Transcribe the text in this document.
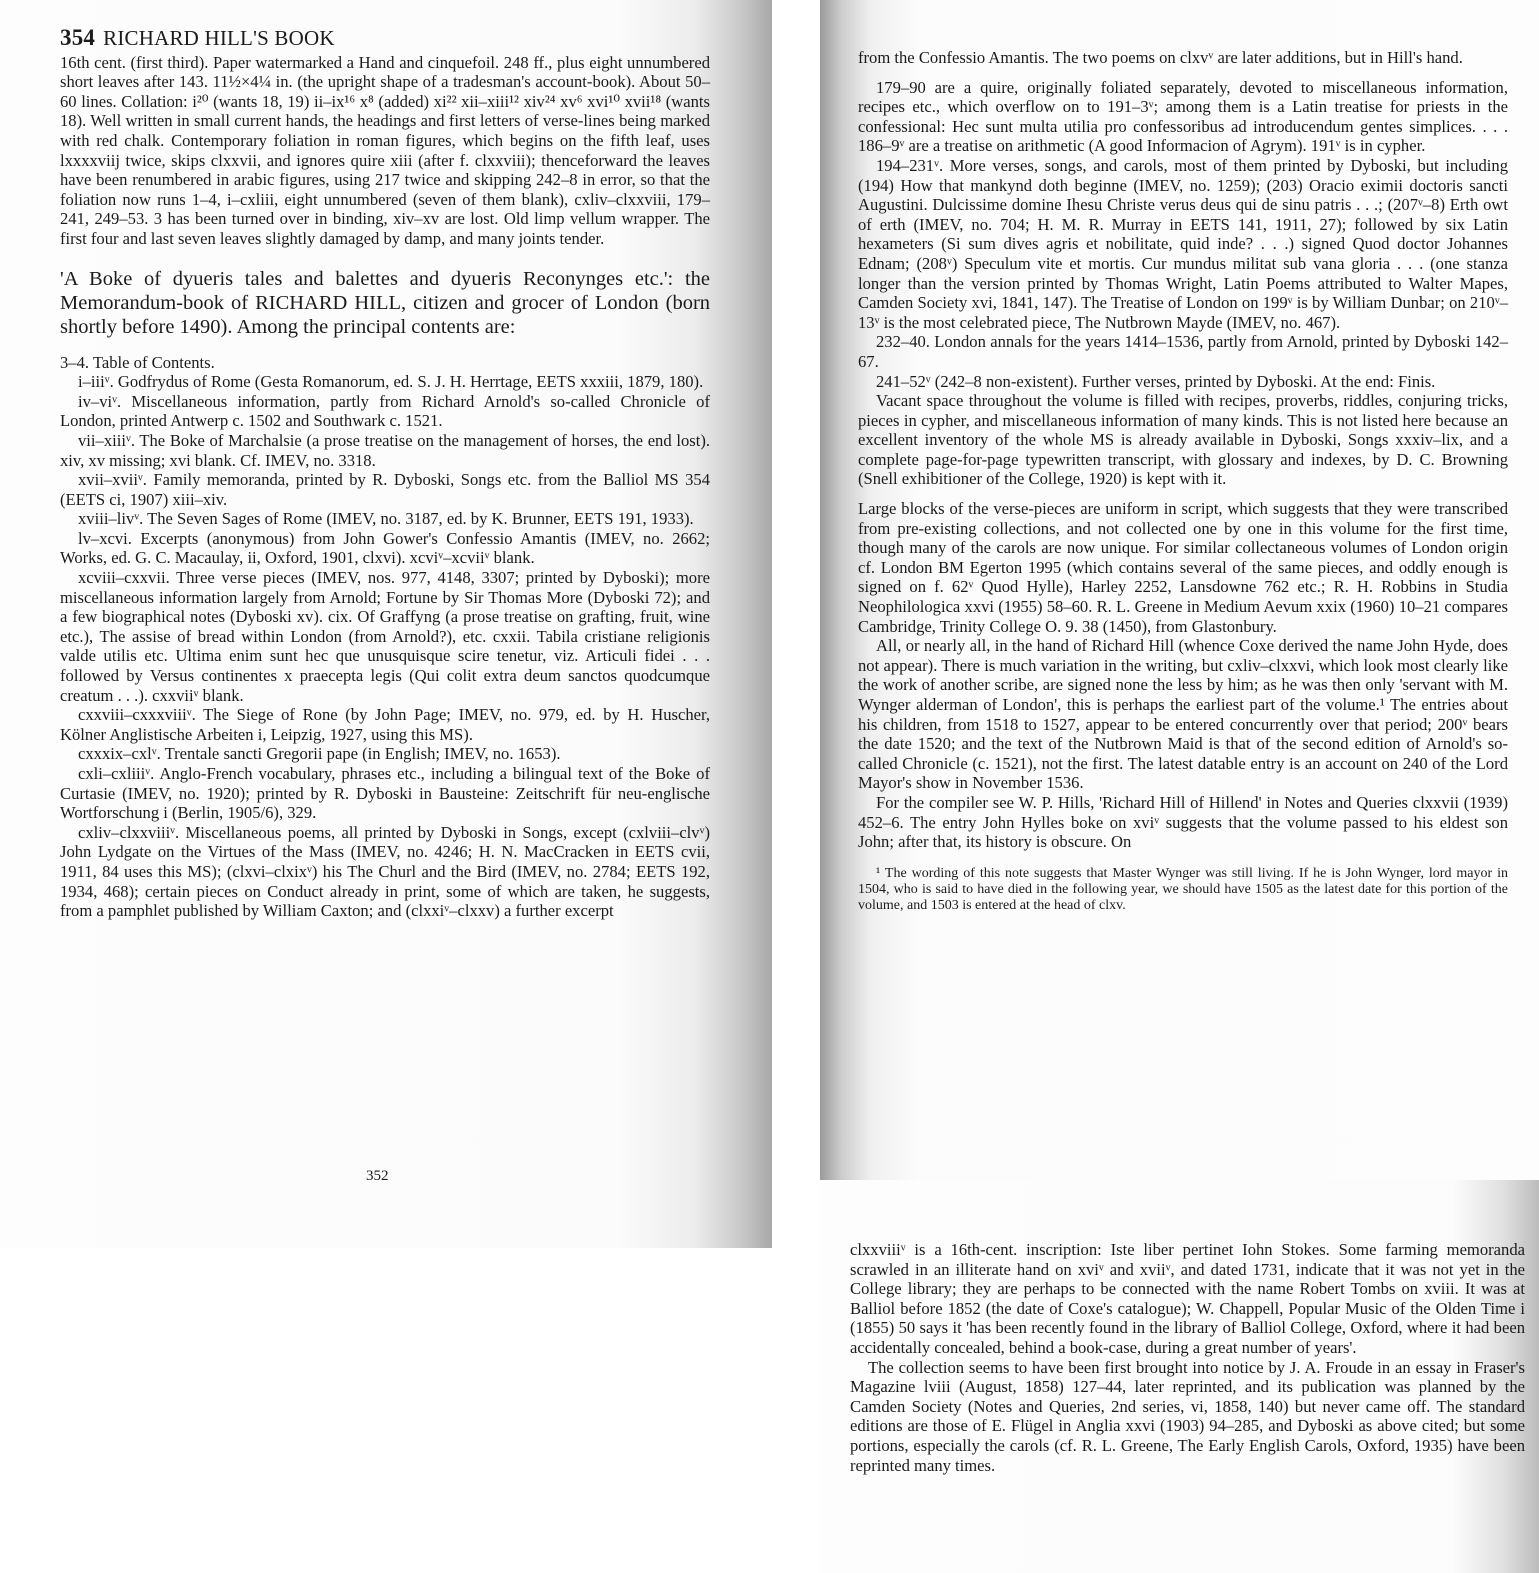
354 RICHARD HILL'S BOOK

16th cent. (first third). Paper watermarked a Hand and cinquefoil. 248 ff., plus eight unnumbered short leaves after 143. 11½×4¼ in. (the upright shape of a tradesman's account-book). About 50–60 lines. Collation: i²⁰ (wants 18, 19) ii–ix¹⁶ x⁸ (added) xi²² xii–xiii¹² xiv²⁴ xv⁶ xvi¹⁰ xvii¹⁸ (wants 18). Well written in small current hands, the headings and first letters of verse-lines being marked with red chalk. Contemporary foliation in roman figures, which begins on the fifth leaf, uses lxxxxviij twice, skips clxxvii, and ignores quire xiii (after f. clxxviii); thenceforward the leaves have been renumbered in arabic figures, using 217 twice and skipping 242–8 in error, so that the foliation now runs 1–4, i–cxliii, eight unnumbered (seven of them blank), cxliv–clxxviii, 179–241, 249–53. 3 has been turned over in binding, xiv–xv are lost. Old limp vellum wrapper. The first four and last seven leaves slightly damaged by damp, and many joints tender.

'A Boke of dyueris tales and balettes and dyueris Reconynges etc.': the Memorandum-book of RICHARD HILL, citizen and grocer of London (born shortly before 1490). Among the principal contents are:

3–4. Table of Contents.

i–iiiᵛ. Godfrydus of Rome (Gesta Romanorum, ed. S. J. H. Herrtage, EETS xxxiii, 1879, 180).

iv–viᵛ. Miscellaneous information, partly from Richard Arnold's so-called Chronicle of London, printed Antwerp c. 1502 and Southwark c. 1521.

vii–xiiiᵛ. The Boke of Marchalsie (a prose treatise on the management of horses, the end lost). xiv, xv missing; xvi blank. Cf. IMEV, no. 3318.

xvii–xviiᵛ. Family memoranda, printed by R. Dyboski, Songs etc. from the Balliol MS 354 (EETS ci, 1907) xiii–xiv.

xviii–livᵛ. The Seven Sages of Rome (IMEV, no. 3187, ed. by K. Brunner, EETS 191, 1933).

lv–xcvi. Excerpts (anonymous) from John Gower's Confessio Amantis (IMEV, no. 2662; Works, ed. G. C. Macaulay, ii, Oxford, 1901, clxvi). xcviᵛ–xcviiᵛ blank.

xcviii–cxxvii. Three verse pieces (IMEV, nos. 977, 4148, 3307; printed by Dyboski); more miscellaneous information largely from Arnold; Fortune by Sir Thomas More (Dyboski 72); and a few biographical notes (Dyboski xv). cix. Of Graffyng (a prose treatise on grafting, fruit, wine etc.), The assise of bread within London (from Arnold?), etc. cxxii. Tabila cristiane religionis valde utilis etc. Ultima enim sunt hec que unusquisque scire tenetur, viz. Articuli fidei . . . followed by Versus continentes x praecepta legis (Qui colit extra deum sanctos quodcumque creatum . . .). cxxviiᵛ blank.

cxxviii–cxxxviiiᵛ. The Siege of Rone (by John Page; IMEV, no. 979, ed. by H. Huscher, Kölner Anglistische Arbeiten i, Leipzig, 1927, using this MS).

cxxxix–cxlᵛ. Trentale sancti Gregorii pape (in English; IMEV, no. 1653).

cxli–cxliiiᵛ. Anglo-French vocabulary, phrases etc., including a bilingual text of the Boke of Curtasie (IMEV, no. 1920); printed by R. Dyboski in Bausteine: Zeitschrift für neu-englische Wortforschung i (Berlin, 1905/6), 329.

cxliv–clxxviiiᵛ. Miscellaneous poems, all printed by Dyboski in Songs, except (cxlviii–clvᵛ) John Lydgate on the Virtues of the Mass (IMEV, no. 4246; H. N. MacCracken in EETS cvii, 1911, 84 uses this MS); (clxvi–clxixᵛ) his The Churl and the Bird (IMEV, no. 2784; EETS 192, 1934, 468); certain pieces on Conduct already in print, some of which are taken, he suggests, from a pamphlet published by William Caxton; and (clxxiᵛ–clxxv) a further excerpt

352

from the Confessio Amantis. The two poems on clxvᵛ are later additions, but in Hill's hand.

179–90 are a quire, originally foliated separately, devoted to miscellaneous information, recipes etc., which overflow on to 191–3ᵛ; among them is a Latin treatise for priests in the confessional: Hec sunt multa utilia pro confessoribus ad introducendum gentes simplices. . . . 186–9ᵛ are a treatise on arithmetic (A good Informacion of Agrym). 191ᵛ is in cypher.

194–231ᵛ. More verses, songs, and carols, most of them printed by Dyboski, but including (194) How that mankynd doth beginne (IMEV, no. 1259); (203) Oracio eximii doctoris sancti Augustini. Dulcissime domine Ihesu Christe verus deus qui de sinu patris . . .; (207ᵛ–8) Erth owt of erth (IMEV, no. 704; H. M. R. Murray in EETS 141, 1911, 27); followed by six Latin hexameters (Si sum dives agris et nobilitate, quid inde? . . .) signed Quod doctor Johannes Ednam; (208ᵛ) Speculum vite et mortis. Cur mundus militat sub vana gloria . . . (one stanza longer than the version printed by Thomas Wright, Latin Poems attributed to Walter Mapes, Camden Society xvi, 1841, 147). The Treatise of London on 199ᵛ is by William Dunbar; on 210ᵛ–13ᵛ is the most celebrated piece, The Nutbrown Mayde (IMEV, no. 467).

232–40. London annals for the years 1414–1536, partly from Arnold, printed by Dyboski 142–67.

241–52ᵛ (242–8 non-existent). Further verses, printed by Dyboski. At the end: Finis.

Vacant space throughout the volume is filled with recipes, proverbs, riddles, conjuring tricks, pieces in cypher, and miscellaneous information of many kinds. This is not listed here because an excellent inventory of the whole MS is already available in Dyboski, Songs xxxiv–lix, and a complete page-for-page typewritten transcript, with glossary and indexes, by D. C. Browning (Snell exhibitioner of the College, 1920) is kept with it.

Large blocks of the verse-pieces are uniform in script, which suggests that they were transcribed from pre-existing collections, and not collected one by one in this volume for the first time, though many of the carols are now unique. For similar collectaneous volumes of London origin cf. London BM Egerton 1995 (which contains several of the same pieces, and oddly enough is signed on f. 62ᵛ Quod Hylle), Harley 2252, Lansdowne 762 etc.; R. H. Robbins in Studia Neophilologica xxvi (1955) 58–60. R. L. Greene in Medium Aevum xxix (1960) 10–21 compares Cambridge, Trinity College O. 9. 38 (1450), from Glastonbury.

All, or nearly all, in the hand of Richard Hill (whence Coxe derived the name John Hyde, does not appear). There is much variation in the writing, but cxliv–clxxvi, which look most clearly like the work of another scribe, are signed none the less by him; as he was then only 'servant with M. Wynger alderman of London', this is perhaps the earliest part of the volume.¹ The entries about his children, from 1518 to 1527, appear to be entered concurrently over that period; 200ᵛ bears the date 1520; and the text of the Nutbrown Maid is that of the second edition of Arnold's so-called Chronicle (c. 1521), not the first. The latest datable entry is an account on 240 of the Lord Mayor's show in November 1536.

For the compiler see W. P. Hills, 'Richard Hill of Hillend' in Notes and Queries clxxvii (1939) 452–6. The entry John Hylles boke on xviᵛ suggests that the volume passed to his eldest son John; after that, its history is obscure. On

¹ The wording of this note suggests that Master Wynger was still living. If he is John Wynger, lord mayor in 1504, who is said to have died in the following year, we should have 1505 as the latest date for this portion of the volume, and 1503 is entered at the head of clxv.

clxxviiiᵛ is a 16th-cent. inscription: Iste liber pertinet Iohn Stokes. Some farming memoranda scrawled in an illiterate hand on xviᵛ and xviiᵛ, and dated 1731, indicate that it was not yet in the College library; they are perhaps to be connected with the name Robert Tombs on xviii. It was at Balliol before 1852 (the date of Coxe's catalogue); W. Chappell, Popular Music of the Olden Time i (1855) 50 says it 'has been recently found in the library of Balliol College, Oxford, where it had been accidentally concealed, behind a book-case, during a great number of years'.

The collection seems to have been first brought into notice by J. A. Froude in an essay in Fraser's Magazine lviii (August, 1858) 127–44, later reprinted, and its publication was planned by the Camden Society (Notes and Queries, 2nd series, vi, 1858, 140) but never came off. The standard editions are those of E. Flügel in Anglia xxvi (1903) 94–285, and Dyboski as above cited; but some portions, especially the carols (cf. R. L. Greene, The Early English Carols, Oxford, 1935) have been reprinted many times.
